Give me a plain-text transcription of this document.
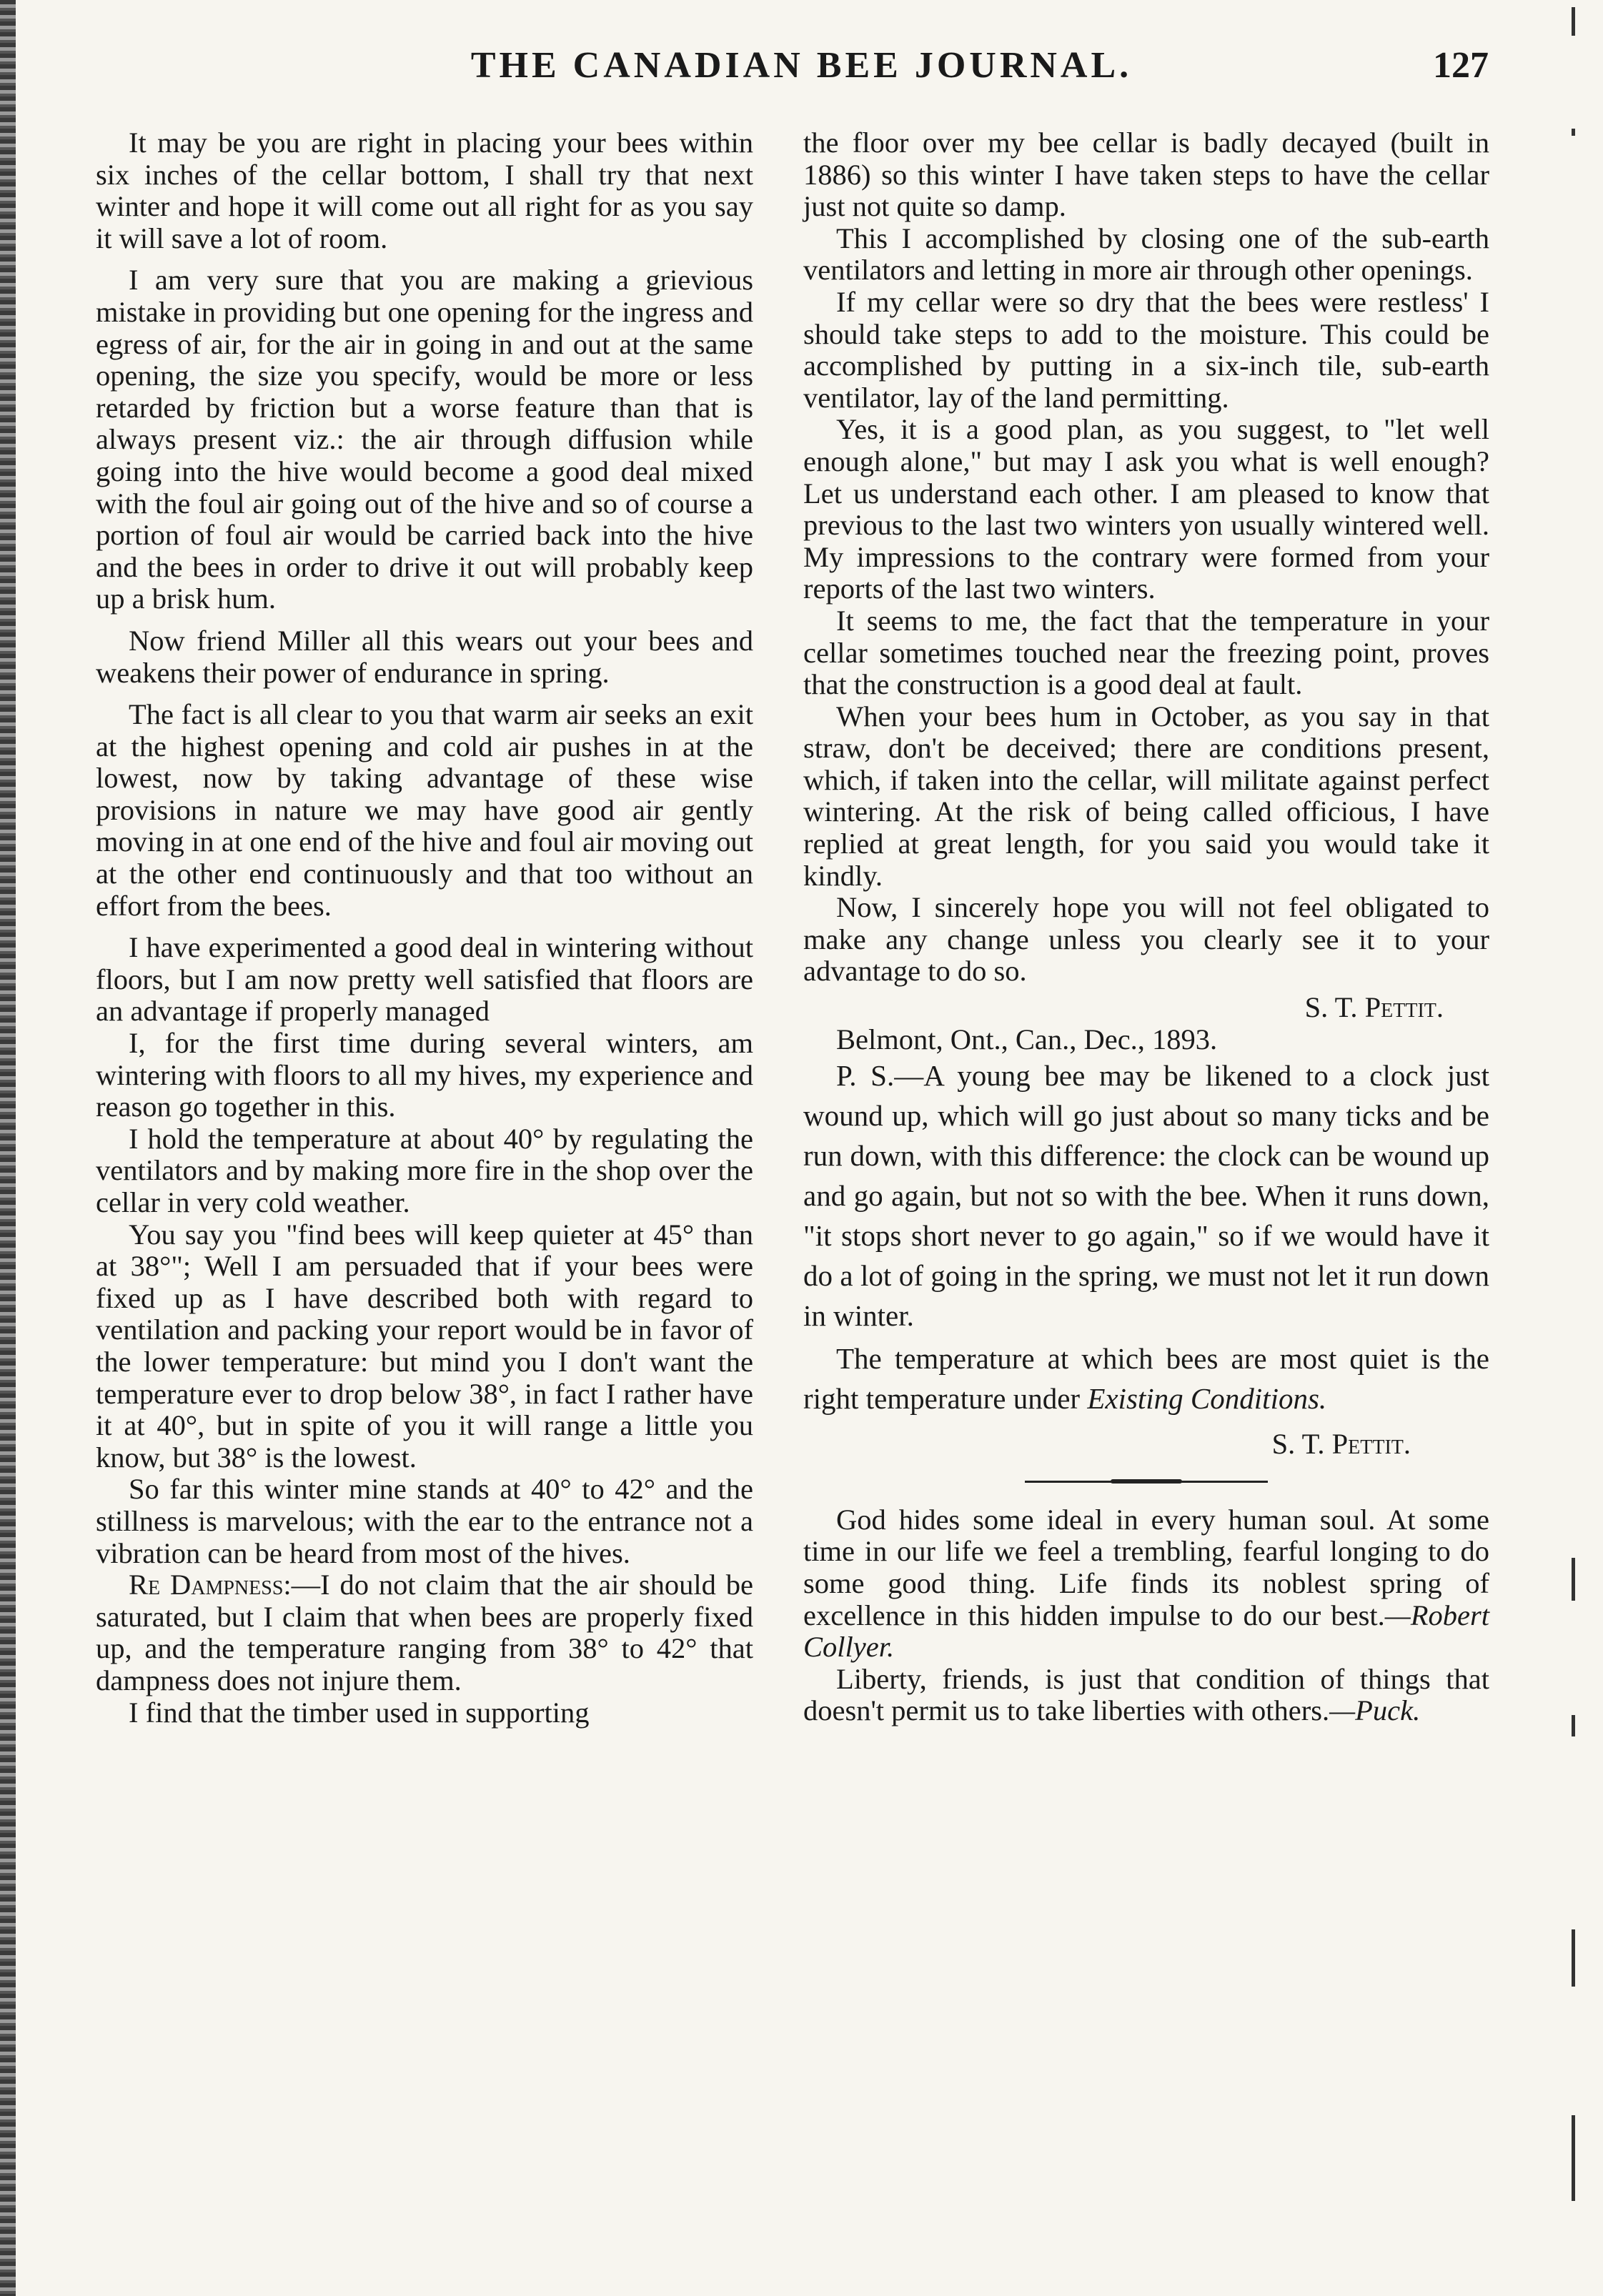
THE CANADIAN BEE JOURNAL.	127

It may be you are right in placing your bees within six inches of the cellar bottom, I shall try that next winter and hope it will come out all right for as you say it will save a lot of room.

I am very sure that you are making a grievious mistake in providing but one opening for the ingress and egress of air, for the air in going in and out at the same opening, the size you specify, would be more or less retarded by friction but a worse feature than that is always present viz.: the air through diffusion while going into the hive would become a good deal mixed with the foul air going out of the hive and so of course a portion of foul air would be carried back into the hive and the bees in order to drive it out will probably keep up a brisk hum.

Now friend Miller all this wears out your bees and weakens their power of endurance in spring.

The fact is all clear to you that warm air seeks an exit at the highest opening and cold air pushes in at the lowest, now by taking advantage of these wise provisions in nature we may have good air gently moving in at one end of the hive and foul air moving out at the other end continuously and that too without an effort from the bees.

I have experimented a good deal in wintering without floors, but I am now pretty well satisfied that floors are an advantage if properly managed

I, for the first time during several winters, am wintering with floors to all my hives, my experience and reason go together in this.

I hold the temperature at about 40° by regulating the ventilators and by making more fire in the shop over the cellar in very cold weather.

You say you "find bees will keep quieter at 45° than at 38°"; Well I am persuaded that if your bees were fixed up as I have described both with regard to ventilation and packing your report would be in favor of the lower temperature: but mind you I don't want the temperature ever to drop below 38°, in fact I rather have it at 40°, but in spite of you it will range a little you know, but 38° is the lowest.

So far this winter mine stands at 40° to 42° and the stillness is marvelous; with the ear to the entrance not a vibration can be heard from most of the hives.

Re Dampness:—I do not claim that the air should be saturated, but I claim that when bees are properly fixed up, and the temperature ranging from 38° to 42° that dampness does not injure them.

I find that the timber used in supporting

the floor over my bee cellar is badly decayed (built in 1886) so this winter I have taken steps to have the cellar just not quite so damp.

This I accomplished by closing one of the sub-earth ventilators and letting in more air through other openings.

If my cellar were so dry that the bees were restless' I should take steps to add to the moisture. This could be accomplished by putting in a six-inch tile, sub-earth ventilator, lay of the land permitting.

Yes, it is a good plan, as you suggest, to "let well enough alone," but may I ask you what is well enough? Let us understand each other. I am pleased to know that previous to the last two winters yon usually wintered well. My impressions to the contrary were formed from your reports of the last two winters.

It seems to me, the fact that the temperature in your cellar sometimes touched near the freezing point, proves that the construction is a good deal at fault.

When your bees hum in October, as you say in that straw, don't be deceived; there are conditions present, which, if taken into the cellar, will militate against perfect wintering. At the risk of being called officious, I have replied at great length, for you said you would take it kindly.

Now, I sincerely hope you will not feel obligated to make any change unless you clearly see it to your advantage to do so.

S. T. Pettit.

Belmont, Ont., Can., Dec., 1893.

P. S.—A young bee may be likened to a clock just wound up, which will go just about so many ticks and be run down, with this difference: the clock can be wound up and go again, but not so with the bee. When it runs down, "it stops short never to go again," so if we would have it do a lot of going in the spring, we must not let it run down in winter.

The temperature at which bees are most quiet is the right temperature under Existing Conditions.

S. T. Pettit.

God hides some ideal in every human soul. At some time in our life we feel a trembling, fearful longing to do some good thing. Life finds its noblest spring of excellence in this hidden impulse to do our best.—Robert Collyer.

Liberty, friends, is just that condition of things that doesn't permit us to take liberties with others.—Puck.
